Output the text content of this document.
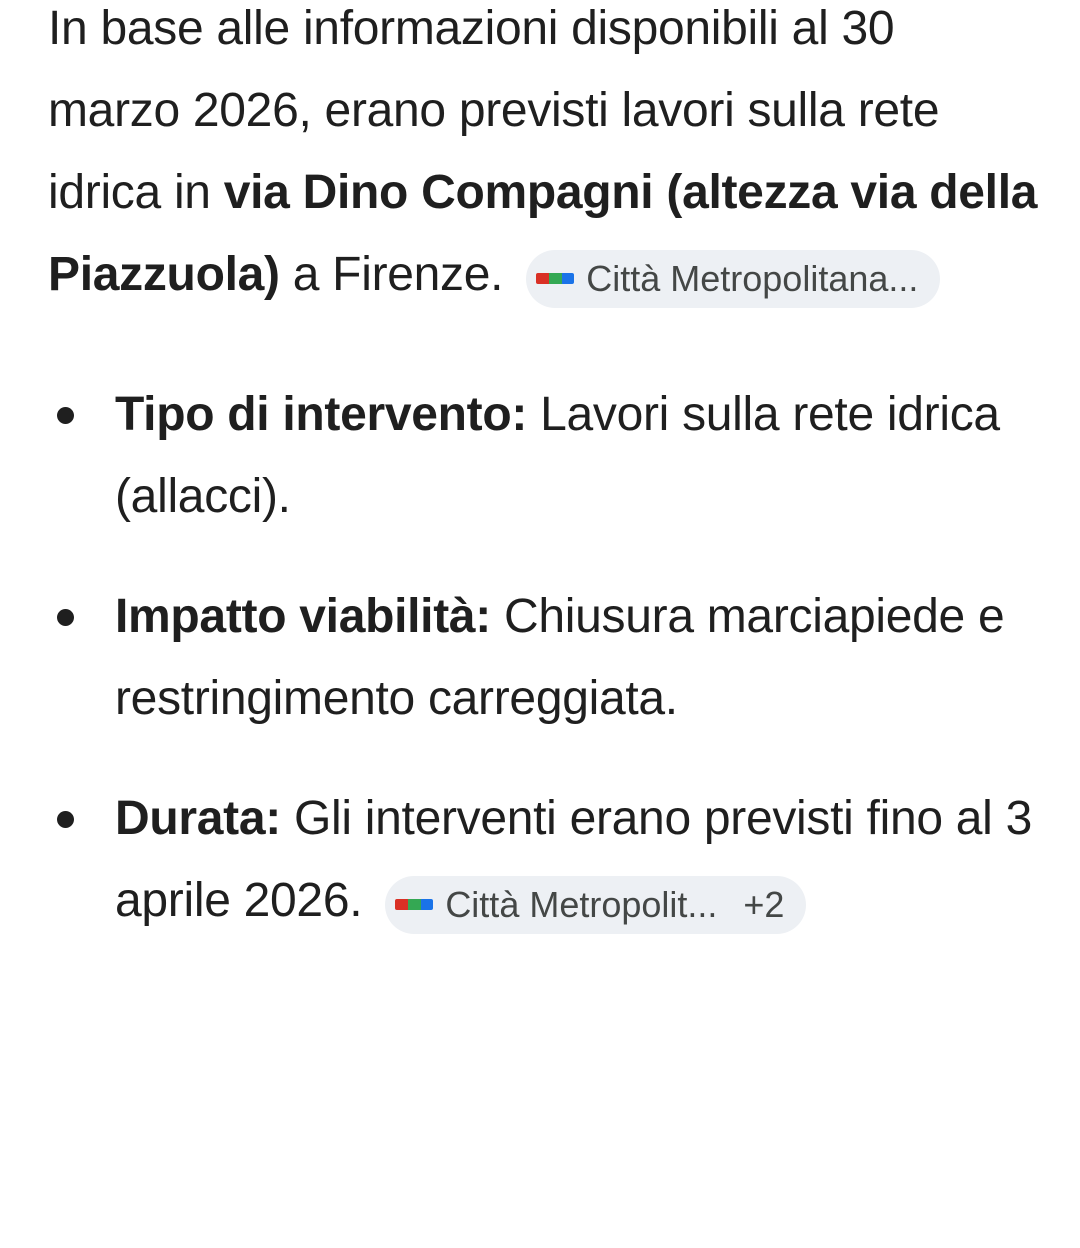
In base alle informazioni disponibili al 30 marzo 2026, erano previsti lavori sulla rete idrica in via Dino Compagni (altezza via della Piazzuola) a Firenze. Città Metropolitana...

Tipo di intervento: Lavori sulla rete idrica (allacci).
Impatto viabilità: Chiusura marciapiede e restringimento carreggiata.
Durata: Gli interventi erano previsti fino al 3 aprile 2026. Città Metropolit... +2
